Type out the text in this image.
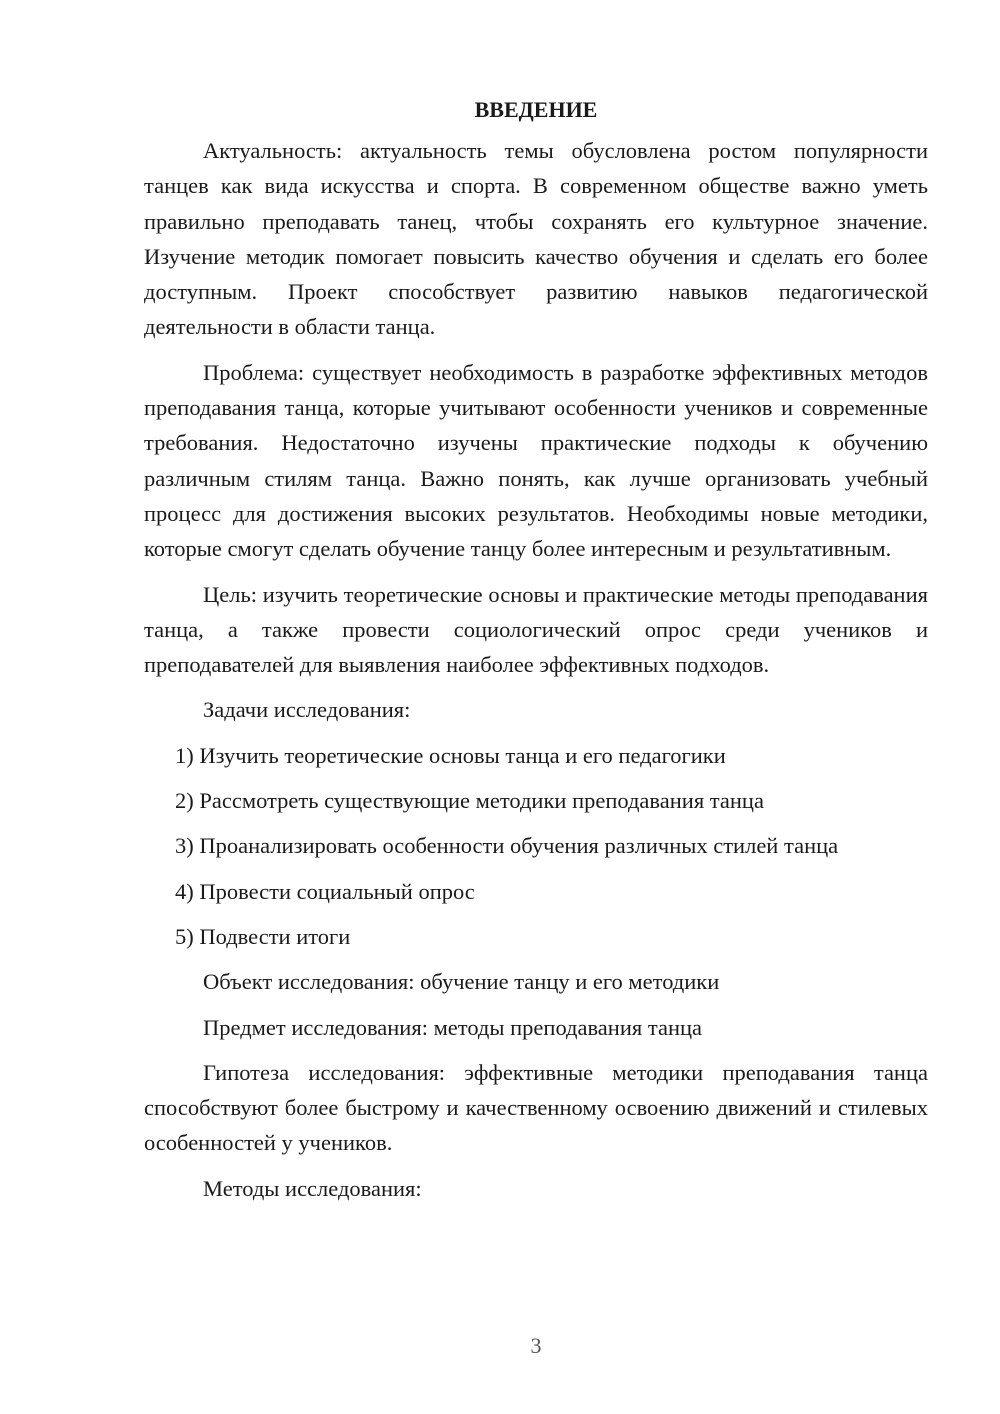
ВВЕДЕНИЕ

Актуальность: актуальность темы обусловлена ростом популярности танцев как вида искусства и спорта. В современном обществе важно уметь правильно преподавать танец, чтобы сохранять его культурное значение. Изучение методик помогает повысить качество обучения и сделать его более доступным. Проект способствует развитию навыков педагогической деятельности в области танца.

Проблема: существует необходимость в разработке эффективных методов преподавания танца, которые учитывают особенности учеников и современные требования. Недостаточно изучены практические подходы к обучению различным стилям танца. Важно понять, как лучше организовать учебный процесс для достижения высоких результатов. Необходимы новые методики, которые смогут сделать обучение танцу более интересным и результативным.

Цель: изучить теоретические основы и практические методы преподавания танца, а также провести социологический опрос среди учеников и преподавателей для выявления наиболее эффективных подходов.

Задачи исследования:

1) Изучить теоретические основы танца и его педагогики
2) Рассмотреть существующие методики преподавания танца
3) Проанализировать особенности обучения различных стилей танца
4) Провести социальный опрос
5) Подвести итоги

Объект исследования: обучение танцу и его методики

Предмет исследования: методы преподавания танца

Гипотеза исследования: эффективные методики преподавания танца способствуют более быстрому и качественному освоению движений и стилевых особенностей у учеников.

Методы исследования:

3
